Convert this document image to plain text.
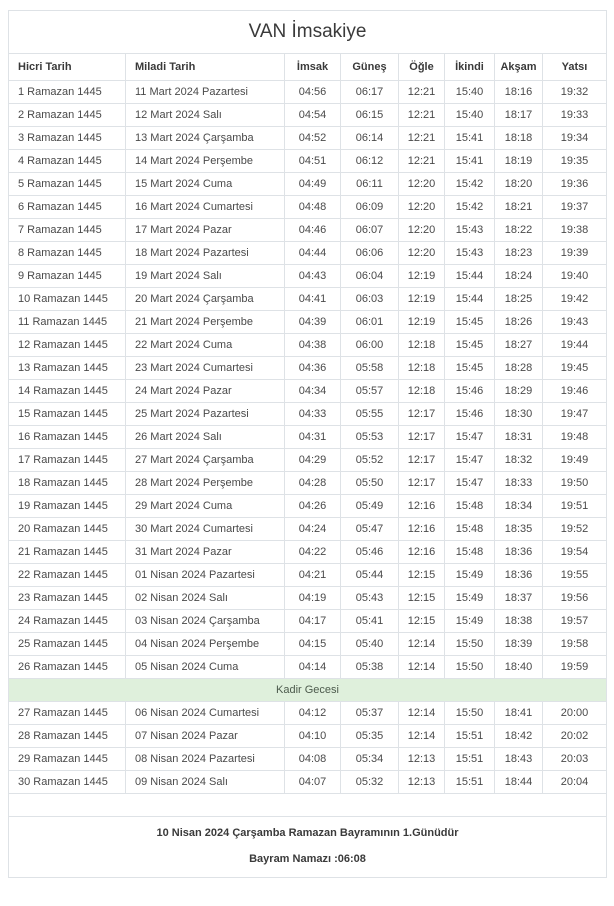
VAN İmsakiye							
Hicri Tarih	Miladi Tarih	İmsak	Güneş	Öğle	İkindi	Akşam	Yatsı
1 Ramazan 1445	11 Mart 2024 Pazartesi	04:56	06:17	12:21	15:40	18:16	19:32
2 Ramazan 1445	12 Mart 2024 Salı	04:54	06:15	12:21	15:40	18:17	19:33
3 Ramazan 1445	13 Mart 2024 Çarşamba	04:52	06:14	12:21	15:41	18:18	19:34
4 Ramazan 1445	14 Mart 2024 Perşembe	04:51	06:12	12:21	15:41	18:19	19:35
5 Ramazan 1445	15 Mart 2024 Cuma	04:49	06:11	12:20	15:42	18:20	19:36
6 Ramazan 1445	16 Mart 2024 Cumartesi	04:48	06:09	12:20	15:42	18:21	19:37
7 Ramazan 1445	17 Mart 2024 Pazar	04:46	06:07	12:20	15:43	18:22	19:38
8 Ramazan 1445	18 Mart 2024 Pazartesi	04:44	06:06	12:20	15:43	18:23	19:39
9 Ramazan 1445	19 Mart 2024 Salı	04:43	06:04	12:19	15:44	18:24	19:40
10 Ramazan 1445	20 Mart 2024 Çarşamba	04:41	06:03	12:19	15:44	18:25	19:42
11 Ramazan 1445	21 Mart 2024 Perşembe	04:39	06:01	12:19	15:45	18:26	19:43
12 Ramazan 1445	22 Mart 2024 Cuma	04:38	06:00	12:18	15:45	18:27	19:44
13 Ramazan 1445	23 Mart 2024 Cumartesi	04:36	05:58	12:18	15:45	18:28	19:45
14 Ramazan 1445	24 Mart 2024 Pazar	04:34	05:57	12:18	15:46	18:29	19:46
15 Ramazan 1445	25 Mart 2024 Pazartesi	04:33	05:55	12:17	15:46	18:30	19:47
16 Ramazan 1445	26 Mart 2024 Salı	04:31	05:53	12:17	15:47	18:31	19:48
17 Ramazan 1445	27 Mart 2024 Çarşamba	04:29	05:52	12:17	15:47	18:32	19:49
18 Ramazan 1445	28 Mart 2024 Perşembe	04:28	05:50	12:17	15:47	18:33	19:50
19 Ramazan 1445	29 Mart 2024 Cuma	04:26	05:49	12:16	15:48	18:34	19:51
20 Ramazan 1445	30 Mart 2024 Cumartesi	04:24	05:47	12:16	15:48	18:35	19:52
21 Ramazan 1445	31 Mart 2024 Pazar	04:22	05:46	12:16	15:48	18:36	19:54
22 Ramazan 1445	01 Nisan 2024 Pazartesi	04:21	05:44	12:15	15:49	18:36	19:55
23 Ramazan 1445	02 Nisan 2024 Salı	04:19	05:43	12:15	15:49	18:37	19:56
24 Ramazan 1445	03 Nisan 2024 Çarşamba	04:17	05:41	12:15	15:49	18:38	19:57
25 Ramazan 1445	04 Nisan 2024 Perşembe	04:15	05:40	12:14	15:50	18:39	19:58
26 Ramazan 1445	05 Nisan 2024 Cuma	04:14	05:38	12:14	15:50	18:40	19:59
Kadir Gecesi							
27 Ramazan 1445	06 Nisan 2024 Cumartesi	04:12	05:37	12:14	15:50	18:41	20:00
28 Ramazan 1445	07 Nisan 2024 Pazar	04:10	05:35	12:14	15:51	18:42	20:02
29 Ramazan 1445	08 Nisan 2024 Pazartesi	04:08	05:34	12:13	15:51	18:43	20:03
30 Ramazan 1445	09 Nisan 2024 Salı	04:07	05:32	12:13	15:51	18:44	20:04

10 Nisan 2024 Çarşamba Ramazan Bayramının 1.Günüdür
Bayram Namazı :06:08							
